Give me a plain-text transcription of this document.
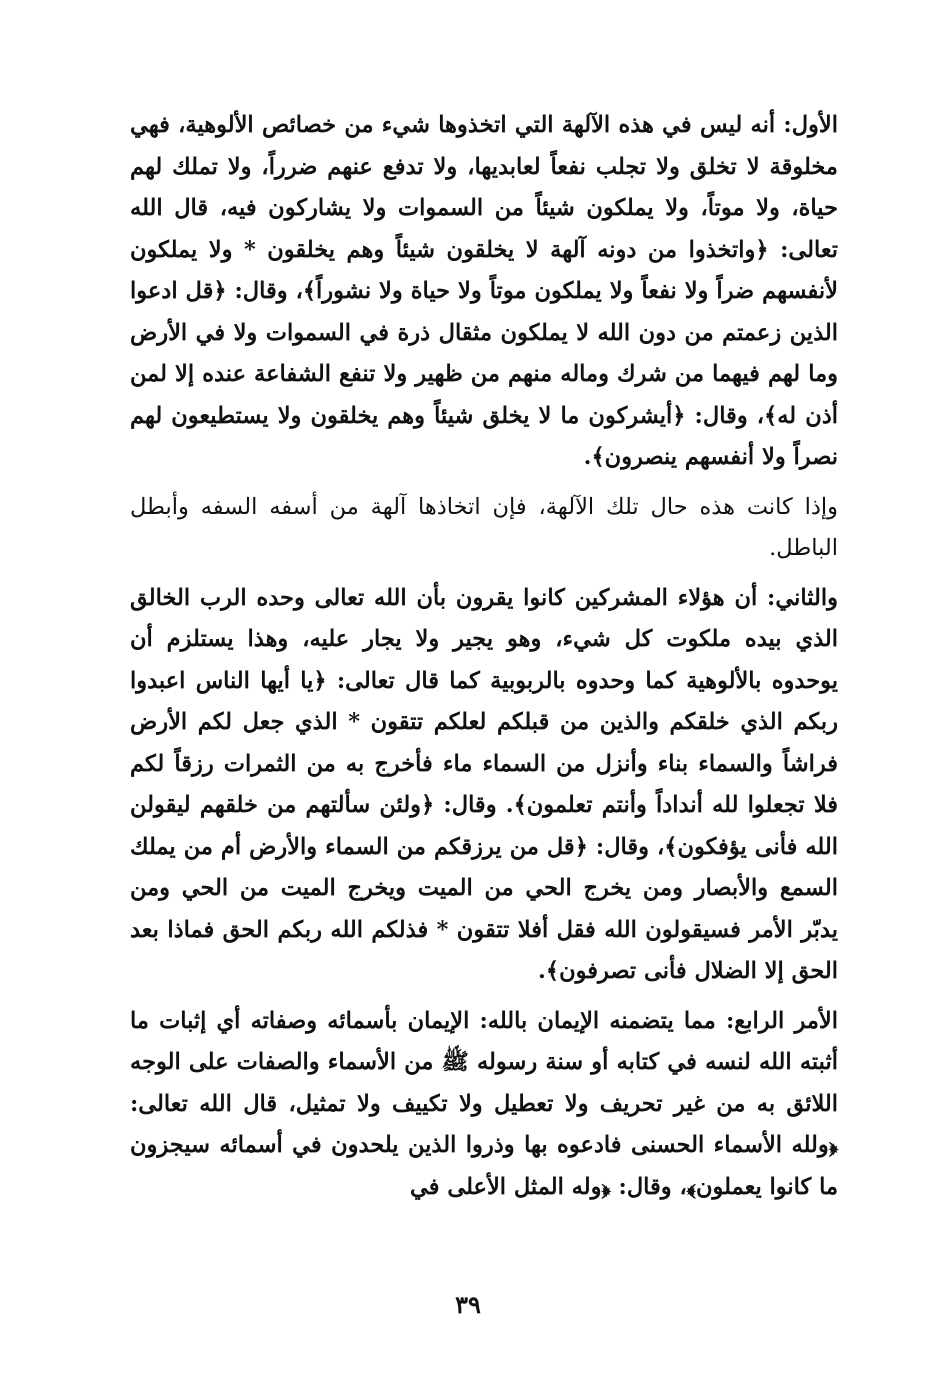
الأول: أنه ليس في هذه الآلهة التي اتخذوها شيء من خصائص الألوهية، فهي مخلوقة لا تخلق ولا تجلب نفعاً لعابديها، ولا تدفع عنهم ضرراً، ولا تملك لهم حياة، ولا موتاً، ولا يملكون شيئاً من السموات ولا يشاركون فيه، قال الله تعالى: ﴿واتخذوا من دونه آلهة لا يخلقون شيئاً وهم يخلقون * ولا يملكون لأنفسهم ضراً ولا نفعاً ولا يملكون موتاً ولا حياة ولا نشوراً﴾، وقال: ﴿قل ادعوا الذين زعمتم من دون الله لا يملكون مثقال ذرة في السموات ولا في الأرض وما لهم فيهما من شرك وماله منهم من ظهير ولا تنفع الشفاعة عنده إلا لمن أذن له﴾، وقال: ﴿أيشركون ما لا يخلق شيئاً وهم يخلقون ولا يستطيعون لهم نصراً ولا أنفسهم ينصرون﴾.

وإذا كانت هذه حال تلك الآلهة، فإن اتخاذها آلهة من أسفه السفه وأبطل الباطل.

والثاني: أن هؤلاء المشركين كانوا يقرون بأن الله تعالى وحده الرب الخالق الذي بيده ملكوت كل شيء، وهو يجير ولا يجار عليه، وهذا يستلزم أن يوحدوه بالألوهية كما وحدوه بالربوبية كما قال تعالى: ﴿يا أيها الناس اعبدوا ربكم الذي خلقكم والذين من قبلكم لعلكم تتقون * الذي جعل لكم الأرض فراشاً والسماء بناء وأنزل من السماء ماء فأخرج به من الثمرات رزقاً لكم فلا تجعلوا لله أنداداً وأنتم تعلمون﴾. وقال: ﴿ولئن سألتهم من خلقهم ليقولن الله فأنى يؤفكون﴾، وقال: ﴿قل من يرزقكم من السماء والأرض أم من يملك السمع والأبصار ومن يخرج الحي من الميت ويخرج الميت من الحي ومن يدبّر الأمر فسيقولون الله فقل أفلا تتقون * فذلكم الله ربكم الحق فماذا بعد الحق إلا الضلال فأنى تصرفون﴾.

الأمر الرابع: مما يتضمنه الإيمان بالله: الإيمان بأسمائه وصفاته أي إثبات ما أثبته الله لنسه في كتابه أو سنة رسوله ﷺ من الأسماء والصفات على الوجه اللائق به من غير تحريف ولا تعطيل ولا تكييف ولا تمثيل، قال الله تعالى: ﴿ولله الأسماء الحسنى فادعوه بها وذروا الذين يلحدون في أسمائه سيجزون ما كانوا يعملون﴾، وقال: ﴿وله المثل الأعلى في

٣٩
